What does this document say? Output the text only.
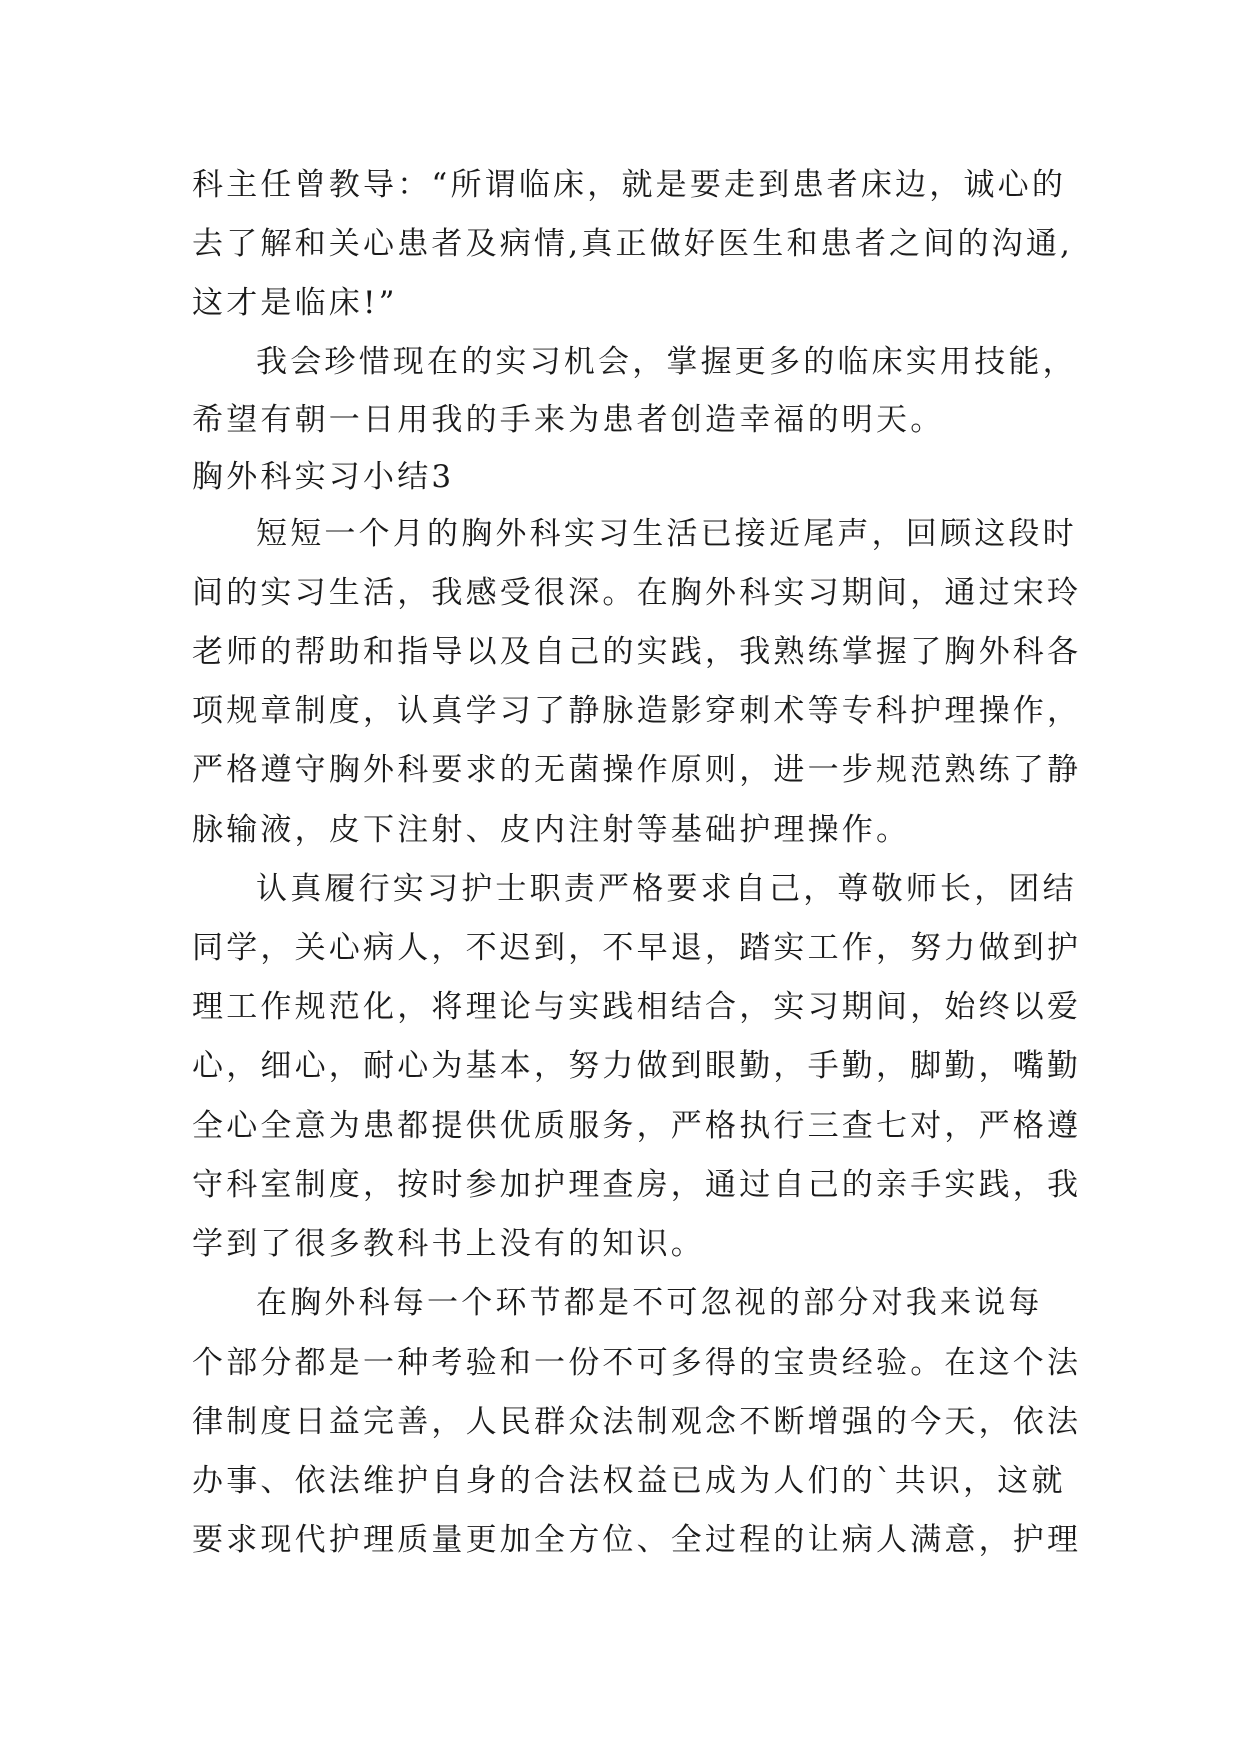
科主任曾教导：“所谓临床，就是要走到患者床边，诚心的
去了解和关心患者及病情,真正做好医生和患者之间的沟通,
这才是临床!”
我会珍惜现在的实习机会，掌握更多的临床实用技能，
希望有朝一日用我的手来为患者创造幸福的明天。
胸外科实习小结3
短短一个月的胸外科实习生活已接近尾声，回顾这段时
间的实习生活，我感受很深。在胸外科实习期间，通过宋玲
老师的帮助和指导以及自己的实践，我熟练掌握了胸外科各
项规章制度，认真学习了静脉造影穿刺术等专科护理操作，
严格遵守胸外科要求的无菌操作原则，进一步规范熟练了静
脉输液，皮下注射、皮内注射等基础护理操作。
认真履行实习护士职责严格要求自己，尊敬师长，团结
同学，关心病人，不迟到，不早退，踏实工作，努力做到护
理工作规范化，将理论与实践相结合，实习期间，始终以爱
心，细心，耐心为基本，努力做到眼勤，手勤，脚勤，嘴勤
全心全意为患都提供优质服务，严格执行三查七对，严格遵
守科室制度，按时参加护理查房，通过自己的亲手实践，我
学到了很多教科书上没有的知识。
在胸外科每一个环节都是不可忽视的部分对我来说每
个部分都是一种考验和一份不可多得的宝贵经验。在这个法
律制度日益完善，人民群众法制观念不断增强的今天，依法
办事、依法维护自身的合法权益已成为人们的`共识，这就
要求现代护理质量更加全方位、全过程的让病人满意，护理
